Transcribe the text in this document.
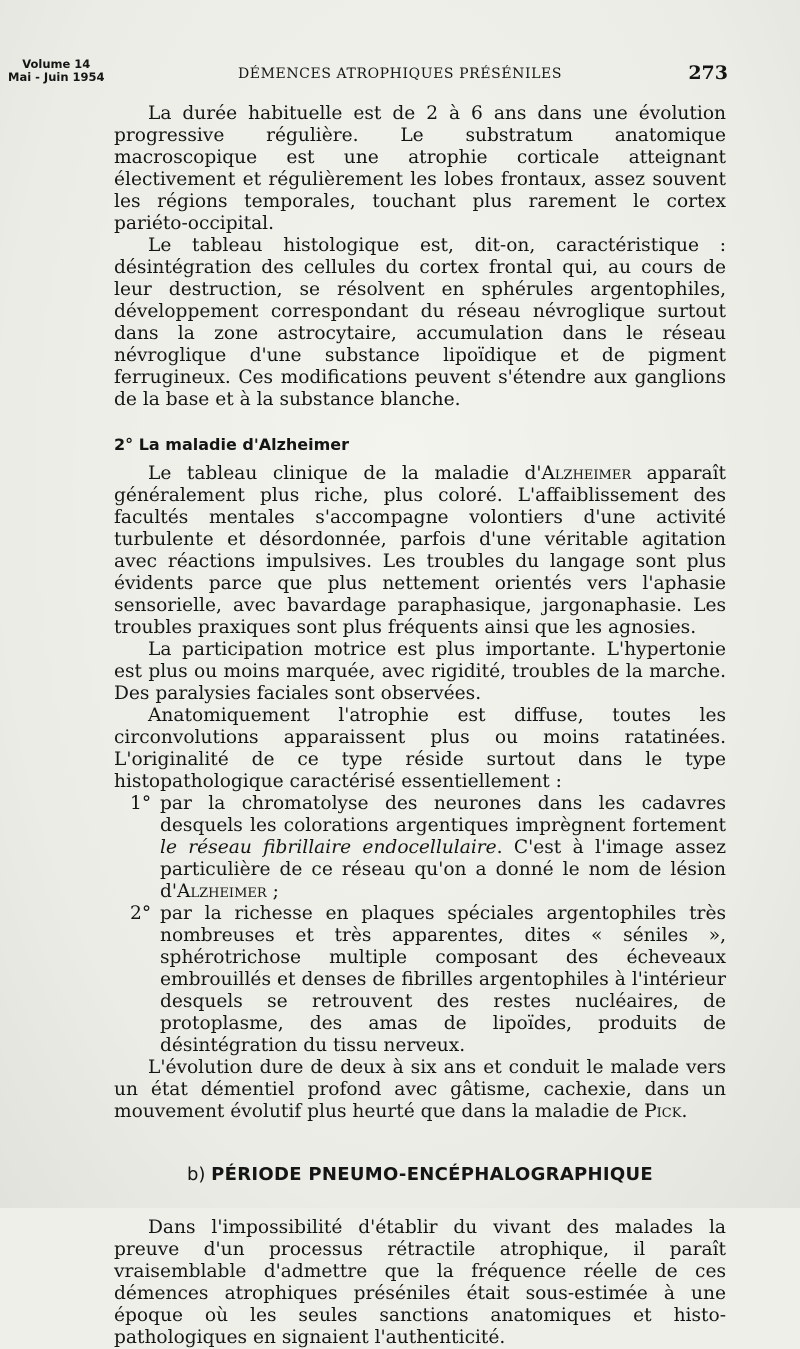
Volume 14
Mai - Juin 1954	DÉMENCES ATROPHIQUES PRÉSÉNILES	273

La durée habituelle est de 2 à 6 ans dans une évolution progressive régulière. Le substratum anatomique macroscopique est une atrophie corticale atteignant électivement et régulièrement les lobes frontaux, assez souvent les régions temporales, touchant plus rarement le cortex pariéto-occipital.

Le tableau histologique est, dit-on, caractéristique : désintégration des cellules du cortex frontal qui, au cours de leur destruction, se résolvent en sphérules argentophiles, développement correspondant du réseau névroglique surtout dans la zone astrocytaire, accumulation dans le réseau névroglique d'une substance lipoïdique et de pigment ferrugineux. Ces modifications peuvent s'étendre aux ganglions de la base et à la substance blanche.

2° La maladie d'Alzheimer

Le tableau clinique de la maladie d'Alzheimer apparaît généralement plus riche, plus coloré. L'affaiblissement des facultés mentales s'accompagne volontiers d'une activité turbulente et désordonnée, parfois d'une véritable agitation avec réactions impulsives. Les troubles du langage sont plus évidents parce que plus nettement orientés vers l'aphasie sensorielle, avec bavardage paraphasique, jargonaphasie. Les troubles praxiques sont plus fréquents ainsi que les agnosies.

La participation motrice est plus importante. L'hypertonie est plus ou moins marquée, avec rigidité, troubles de la marche. Des paralysies faciales sont observées.

Anatomiquement l'atrophie est diffuse, toutes les circonvolutions apparaissent plus ou moins ratatinées. L'originalité de ce type réside surtout dans le type histopathologique caractérisé essentiellement :

1° par la chromatolyse des neurones dans les cadavres desquels les colorations argentiques imprègnent fortement le réseau fibrillaire endocellulaire. C'est à l'image assez particulière de ce réseau qu'on a donné le nom de lésion d'Alzheimer ;
2° par la richesse en plaques spéciales argentophiles très nombreuses et très apparentes, dites « séniles », sphérotrichose multiple composant des écheveaux embrouillés et denses de fibrilles argentophiles à l'intérieur desquels se retrouvent des restes nucléaires, de protoplasme, des amas de lipoïdes, produits de désintégration du tissu nerveux.

L'évolution dure de deux à six ans et conduit le malade vers un état démentiel profond avec gâtisme, cachexie, dans un mouvement évolutif plus heurté que dans la maladie de Pick.

b) PÉRIODE PNEUMO-ENCÉPHALOGRAPHIQUE

Dans l'impossibilité d'établir du vivant des malades la preuve d'un processus rétractile atrophique, il paraît vraisemblable d'admettre que la fréquence réelle de ces démences atrophiques préséniles était sous-estimée à une époque où les seules sanctions anatomiques et histo-pathologiques en signaient l'authenticité.
